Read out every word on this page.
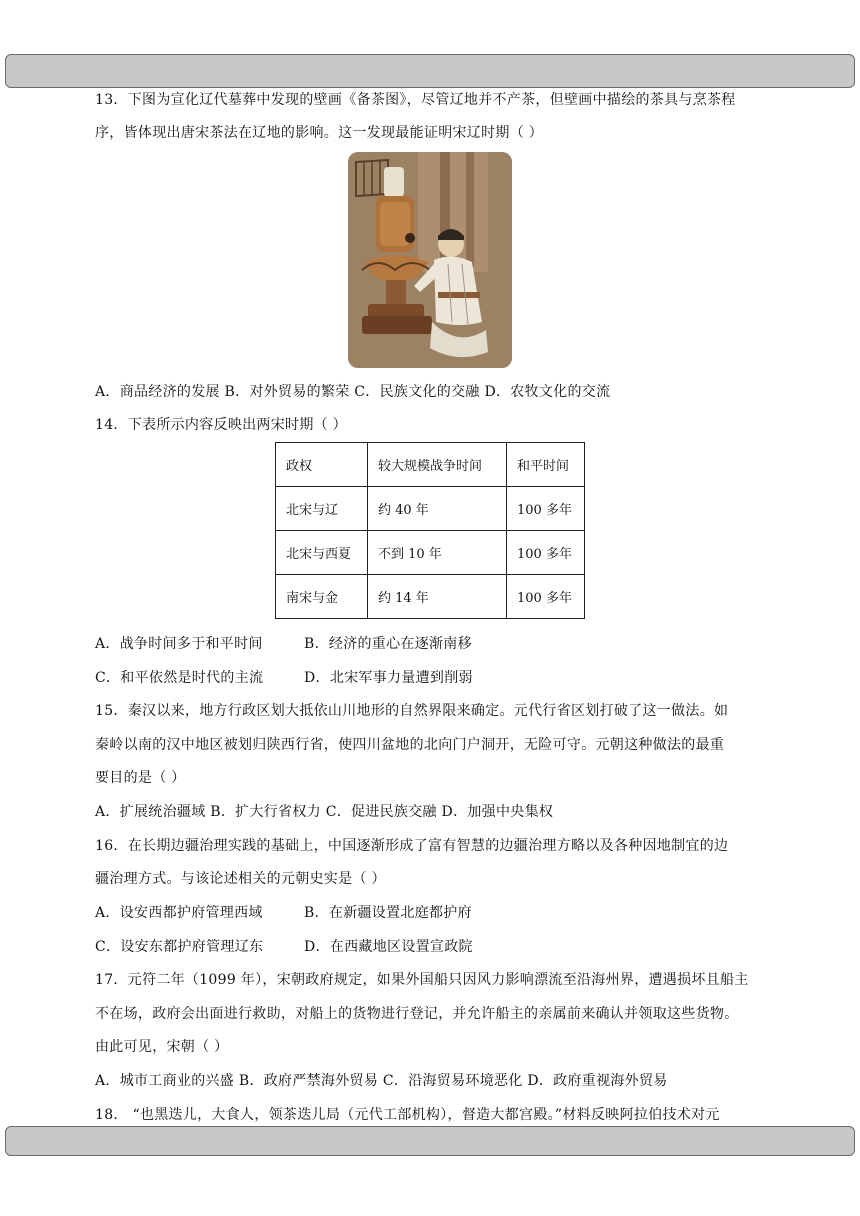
13．下图为宣化辽代墓葬中发现的壁画《备茶图》，尽管辽地并不产茶，但壁画中描绘的茶具与烹茶程
序，皆体现出唐宋茶法在辽地的影响。这一发现最能证明宋辽时期（ ）
A．商品经济的发展 B．对外贸易的繁荣 C．民族文化的交融 D．农牧文化的交流
14．下表所示内容反映出两宋时期（ ）
政权	较大规模战争时间	和平时间
北宋与辽	约 40 年	100 多年
北宋与西夏	不到 10 年	100 多年
南宋与金	约 14 年	100 多年
A．战争时间多于和平时间	B．经济的重心在逐渐南移
C．和平依然是时代的主流	D．北宋军事力量遭到削弱
15．秦汉以来，地方行政区划大抵依山川地形的自然界限来确定。元代行省区划打破了这一做法。如
秦岭以南的汉中地区被划归陕西行省，使四川盆地的北向门户洞开，无险可守。元朝这种做法的最重
要目的是（ ）
A．扩展统治疆域 B．扩大行省权力 C．促进民族交融 D．加强中央集权
16．在长期边疆治理实践的基础上，中国逐渐形成了富有智慧的边疆治理方略以及各种因地制宜的边
疆治理方式。与该论述相关的元朝史实是（ ）
A．设安西都护府管理西域	B．在新疆设置北庭都护府
C．设安东都护府管理辽东	D．在西藏地区设置宣政院
17．元符二年（1099 年），宋朝政府规定，如果外国船只因风力影响漂流至沿海州界，遭遇损坏且船主
不在场，政府会出面进行救助，对船上的货物进行登记，并允许船主的亲属前来确认并领取这些货物。
由此可见，宋朝（ ）
A．城市工商业的兴盛 B．政府严禁海外贸易 C．沿海贸易环境恶化 D．政府重视海外贸易
18． “也黑迭儿，大食人，领茶迭儿局（元代工部机构），督造大都宫殿。”材料反映阿拉伯技术对元
